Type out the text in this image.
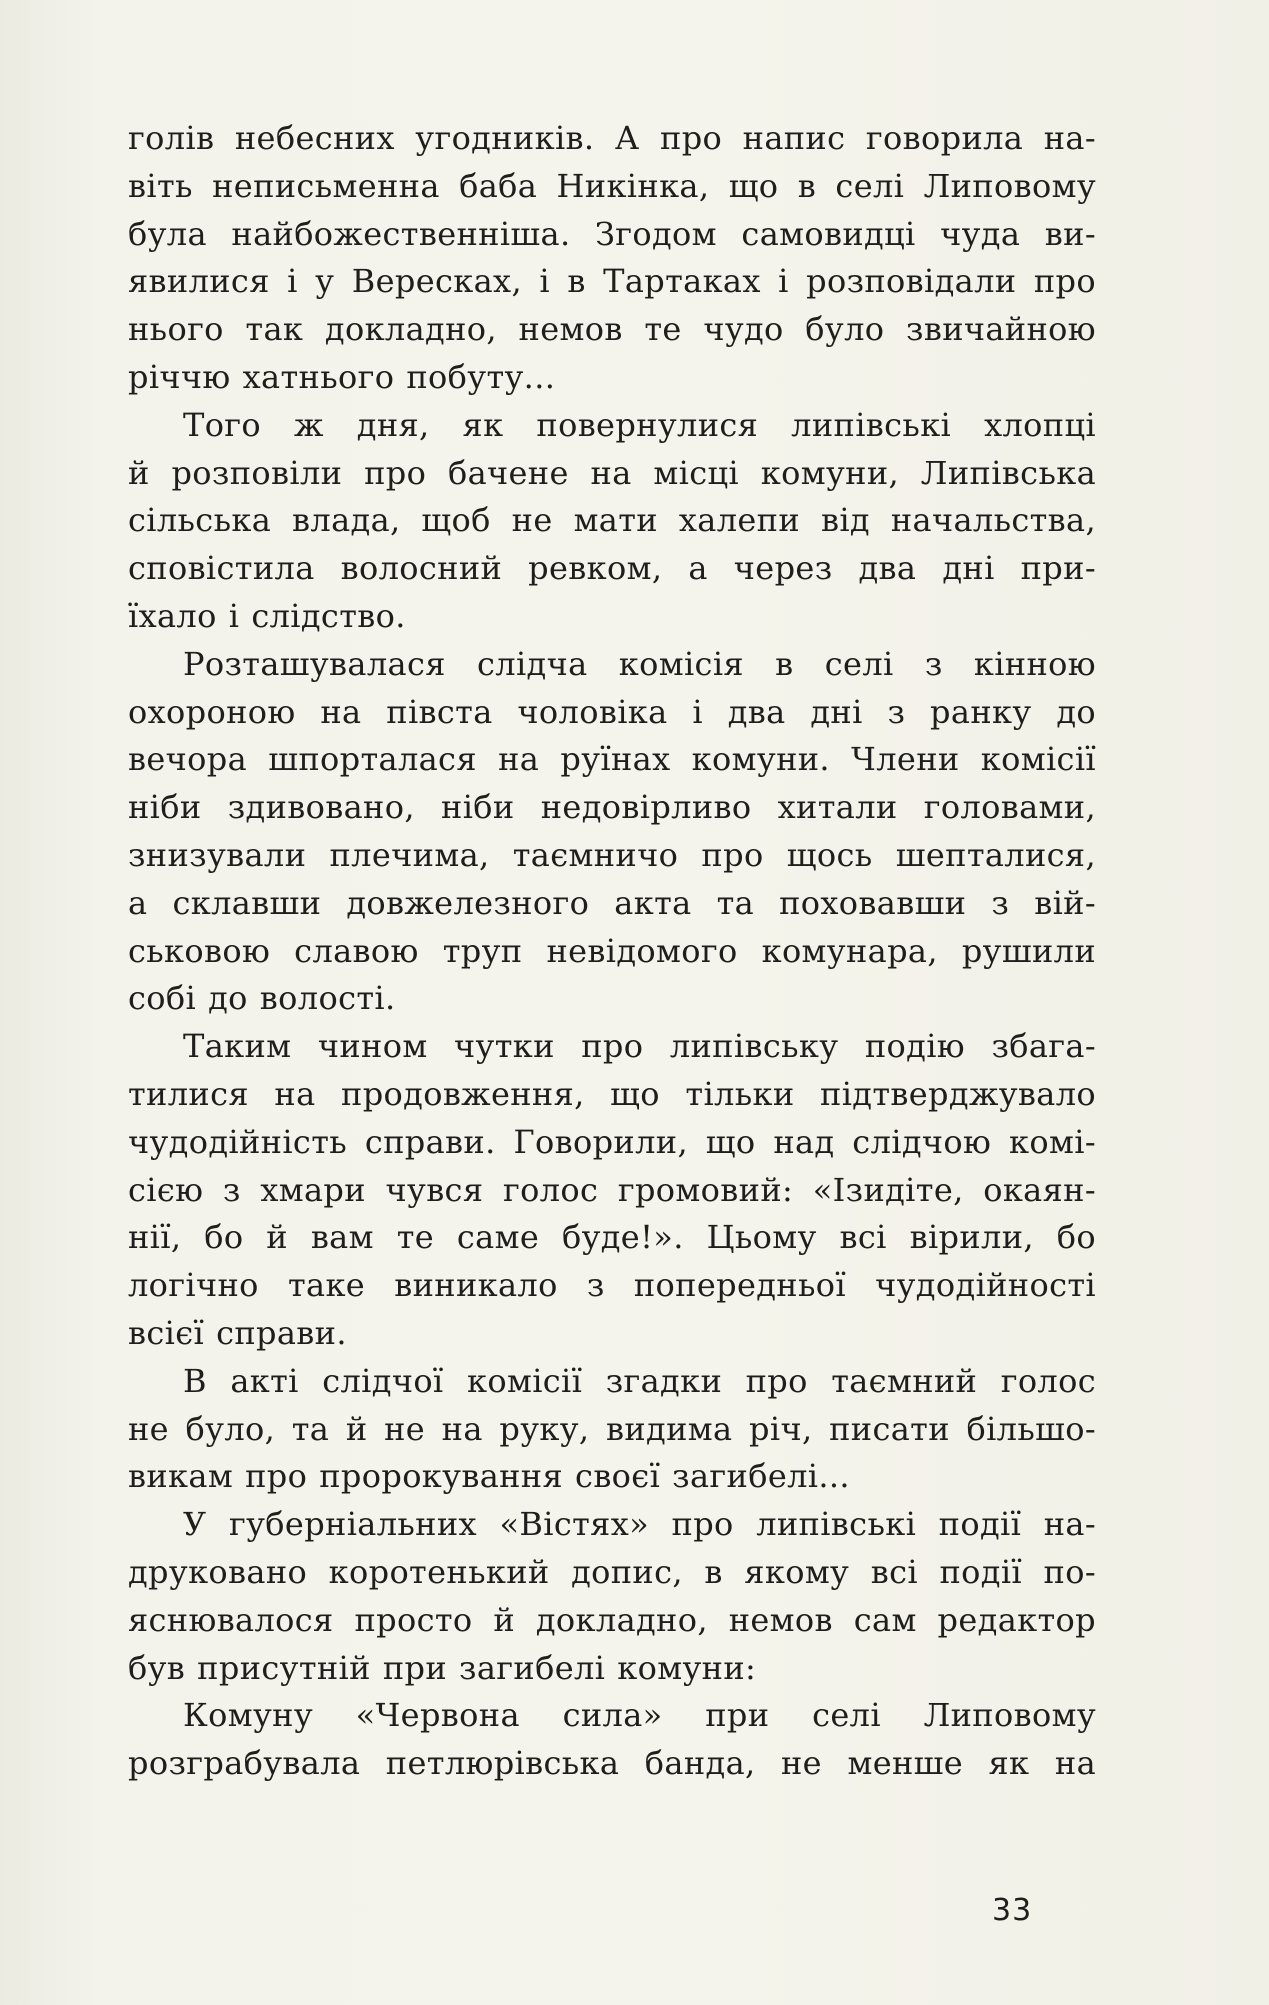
голів небесних угодників. А про напис говорила на-
віть неписьменна баба Никінка, що в селі Липовому
була найбожественніша. Згодом самовидці чуда ви-
явилися і у Bepecкax, і в Тартаках і розповідали про
нього так докладно, немов те чудо було звичайною
річчю хатнього побуту...
Того ж дня, як повернулися липівські хлопці
й розповіли про бачене на місці комуни, Липівська
сільська влада, щоб не мати халепи від начальства,
сповістила волосний ревком, а через два дні при-
їхало і слідство.
Розташувалася слідча комісія в селі з кінною
охороною на півста чоловіка і два дні з ранку до
вечора шпорталася на руїнах комуни. Члени комісії
ніби здивовано, ніби недовірливо хитали головами,
знизували плечима, таємничо про щось шепталися,
а склавши довжелезного акта та поховавши з вій-
ськовою славою труп невідомого комунара, рушили
собі до волості.
Таким чином чутки про липівську подію збага-
тилися на продовження, що тільки підтверджувало
чудодійність справи. Говорили, що над слідчою комі-
сією з хмари чувся голос громовий: «Ізидіте, окаян-
нії, бо й вам те саме буде!». Цьому всі вірили, бо
логічно таке виникало з попередньої чудодійності
всієї справи.
В акті слідчої комісії згадки про таємний голос
не було, та й не на руку, видима річ, писати більшо-
викам про пророкування своєї загибелі...
У губерніальних «Вістях» про липівські події на-
друковано коротенький допис, в якому всі події по-
яснювалося просто й докладно, немов сам редактор
був присутній при загибелі комуни:
Комуну «Червона сила» при селі Липовому
розграбувала петлюрівська банда, не менше як на
33
